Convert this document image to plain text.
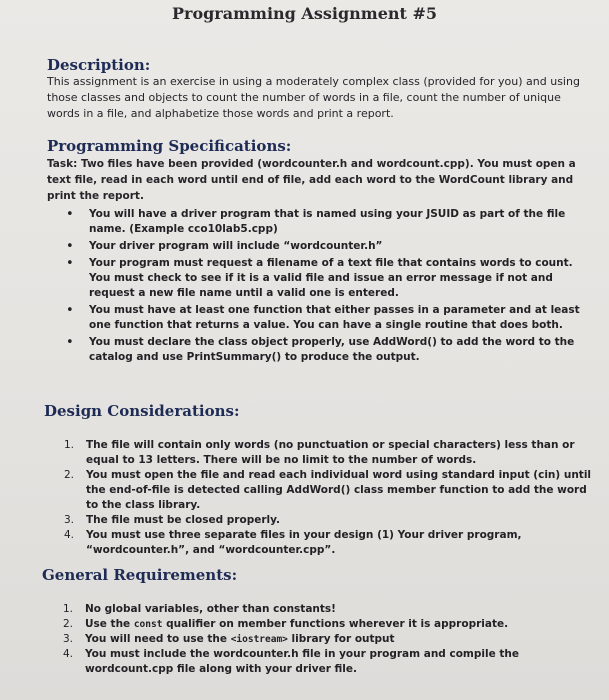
Programming Assignment #5
Description:
This assignment is an exercise in using a moderately complex class (provided for you) and using those classes and objects to count the number of words in a file, count the number of unique words in a file, and alphabetize those words and print a report.
Programming Specifications:
Task: Two files have been provided (wordcounter.h and wordcount.cpp). You must open a text file, read in each word until end of file, add each word to the WordCount library and print the report.
• You will have a driver program that is named using your JSUID as part of the file name. (Example cco10lab5.cpp)
• Your driver program will include “wordcounter.h”
• Your program must request a filename of a text file that contains words to count. You must check to see if it is a valid file and issue an error message if not and request a new file name until a valid one is entered.
• You must have at least one function that either passes in a parameter and at least one function that returns a value. You can have a single routine that does both.
• You must declare the class object properly, use AddWord() to add the word to the catalog and use PrintSummary() to produce the output.
Design Considerations:
1. The file will contain only words (no punctuation or special characters) less than or equal to 13 letters. There will be no limit to the number of words.
2. You must open the file and read each individual word using standard input (cin) until the end-of-file is detected calling AddWord() class member function to add the word to the class library.
3. The file must be closed properly.
4. You must use three separate files in your design (1) Your driver program, “wordcounter.h”, and “wordcounter.cpp”.
General Requirements:
1. No global variables, other than constants!
2. Use the const qualifier on member functions wherever it is appropriate.
3. You will need to use the <iostream> library for output
4. You must include the wordcounter.h file in your program and compile the wordcount.cpp file along with your driver file.
